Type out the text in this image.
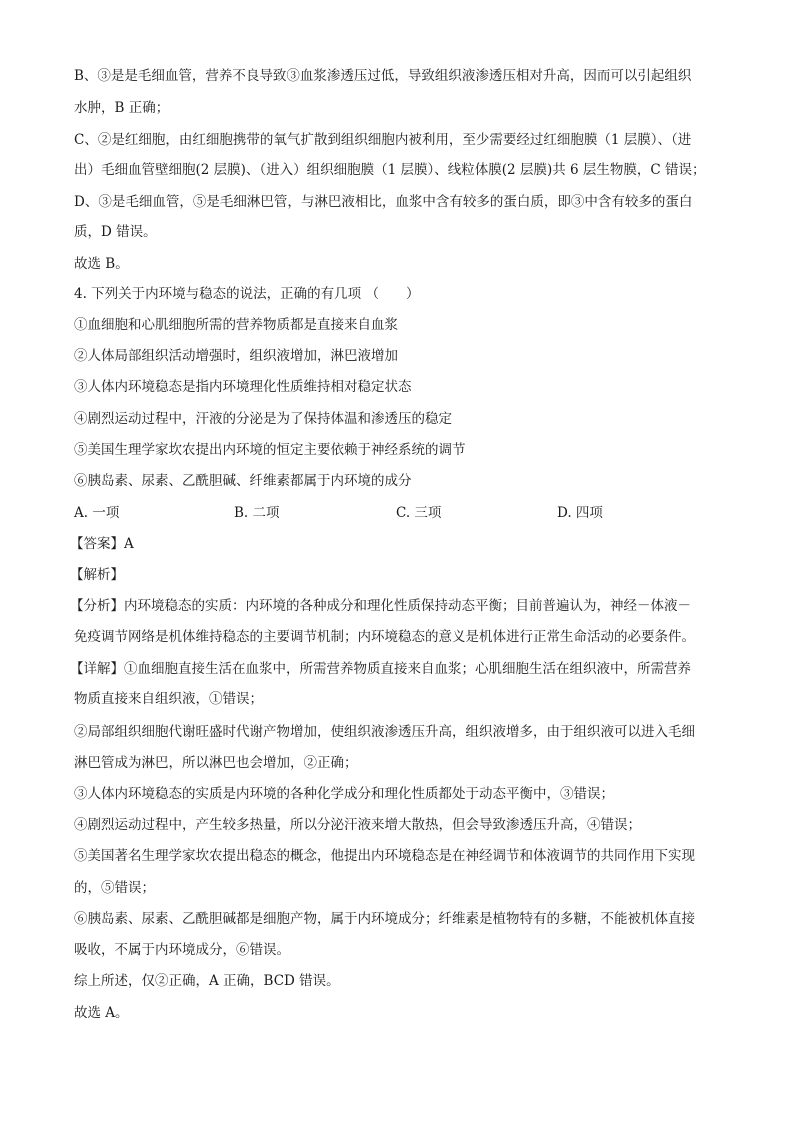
B、③是是毛细血管，营养不良导致③血浆渗透压过低，导致组织液渗透压相对升高，因而可以引起组织
水肿，B 正确；
C、②是红细胞，由红细胞携带的氧气扩散到组织细胞内被利用，至少需要经过红细胞膜（1 层膜）、（进
出）毛细血管壁细胞(2 层膜)、（进入）组织细胞膜（1 层膜）、线粒体膜(2 层膜)共 6 层生物膜，C 错误；
D、③是毛细血管，⑤是毛细淋巴管，与淋巴液相比，血浆中含有较多的蛋白质，即③中含有较多的蛋白
质，D 错误。
故选 B。
4. 下列关于内环境与稳态的说法，正确的有几项 （　　）
①血细胞和心肌细胞所需的营养物质都是直接来自血浆
②人体局部组织活动增强时，组织液增加，淋巴液增加
③人体内环境稳态是指内环境理化性质维持相对稳定状态
④剧烈运动过程中，汗液的分泌是为了保持体温和渗透压的稳定
⑤美国生理学家坎农提出内环境的恒定主要依赖于神经系统的调节
⑥胰岛素、尿素、乙酰胆碱、纤维素都属于内环境的成分
A. 一项	B. 二项	C. 三项	D. 四项
【答案】A
【解析】
【分析】内环境稳态的实质：内环境的各种成分和理化性质保持动态平衡；目前普遍认为，神经－体液－
免疫调节网络是机体维持稳态的主要调节机制；内环境稳态的意义是机体进行正常生命活动的必要条件。
【详解】①血细胞直接生活在血浆中，所需营养物质直接来自血浆；心肌细胞生活在组织液中，所需营养
物质直接来自组织液，①错误；
②局部组织细胞代谢旺盛时代谢产物增加，使组织液渗透压升高，组织液增多，由于组织液可以进入毛细
淋巴管成为淋巴，所以淋巴也会增加，②正确；
③人体内环境稳态的实质是内环境的各种化学成分和理化性质都处于动态平衡中，③错误；
④剧烈运动过程中，产生较多热量，所以分泌汗液来增大散热，但会导致渗透压升高，④错误；
⑤美国著名生理学家坎农提出稳态的概念，他提出内环境稳态是在神经调节和体液调节的共同作用下实现
的，⑤错误；
⑥胰岛素、尿素、乙酰胆碱都是细胞产物，属于内环境成分；纤维素是植物特有的多糖，不能被机体直接
吸收，不属于内环境成分，⑥错误。
综上所述，仅②正确，A 正确，BCD 错误。
故选 A。
